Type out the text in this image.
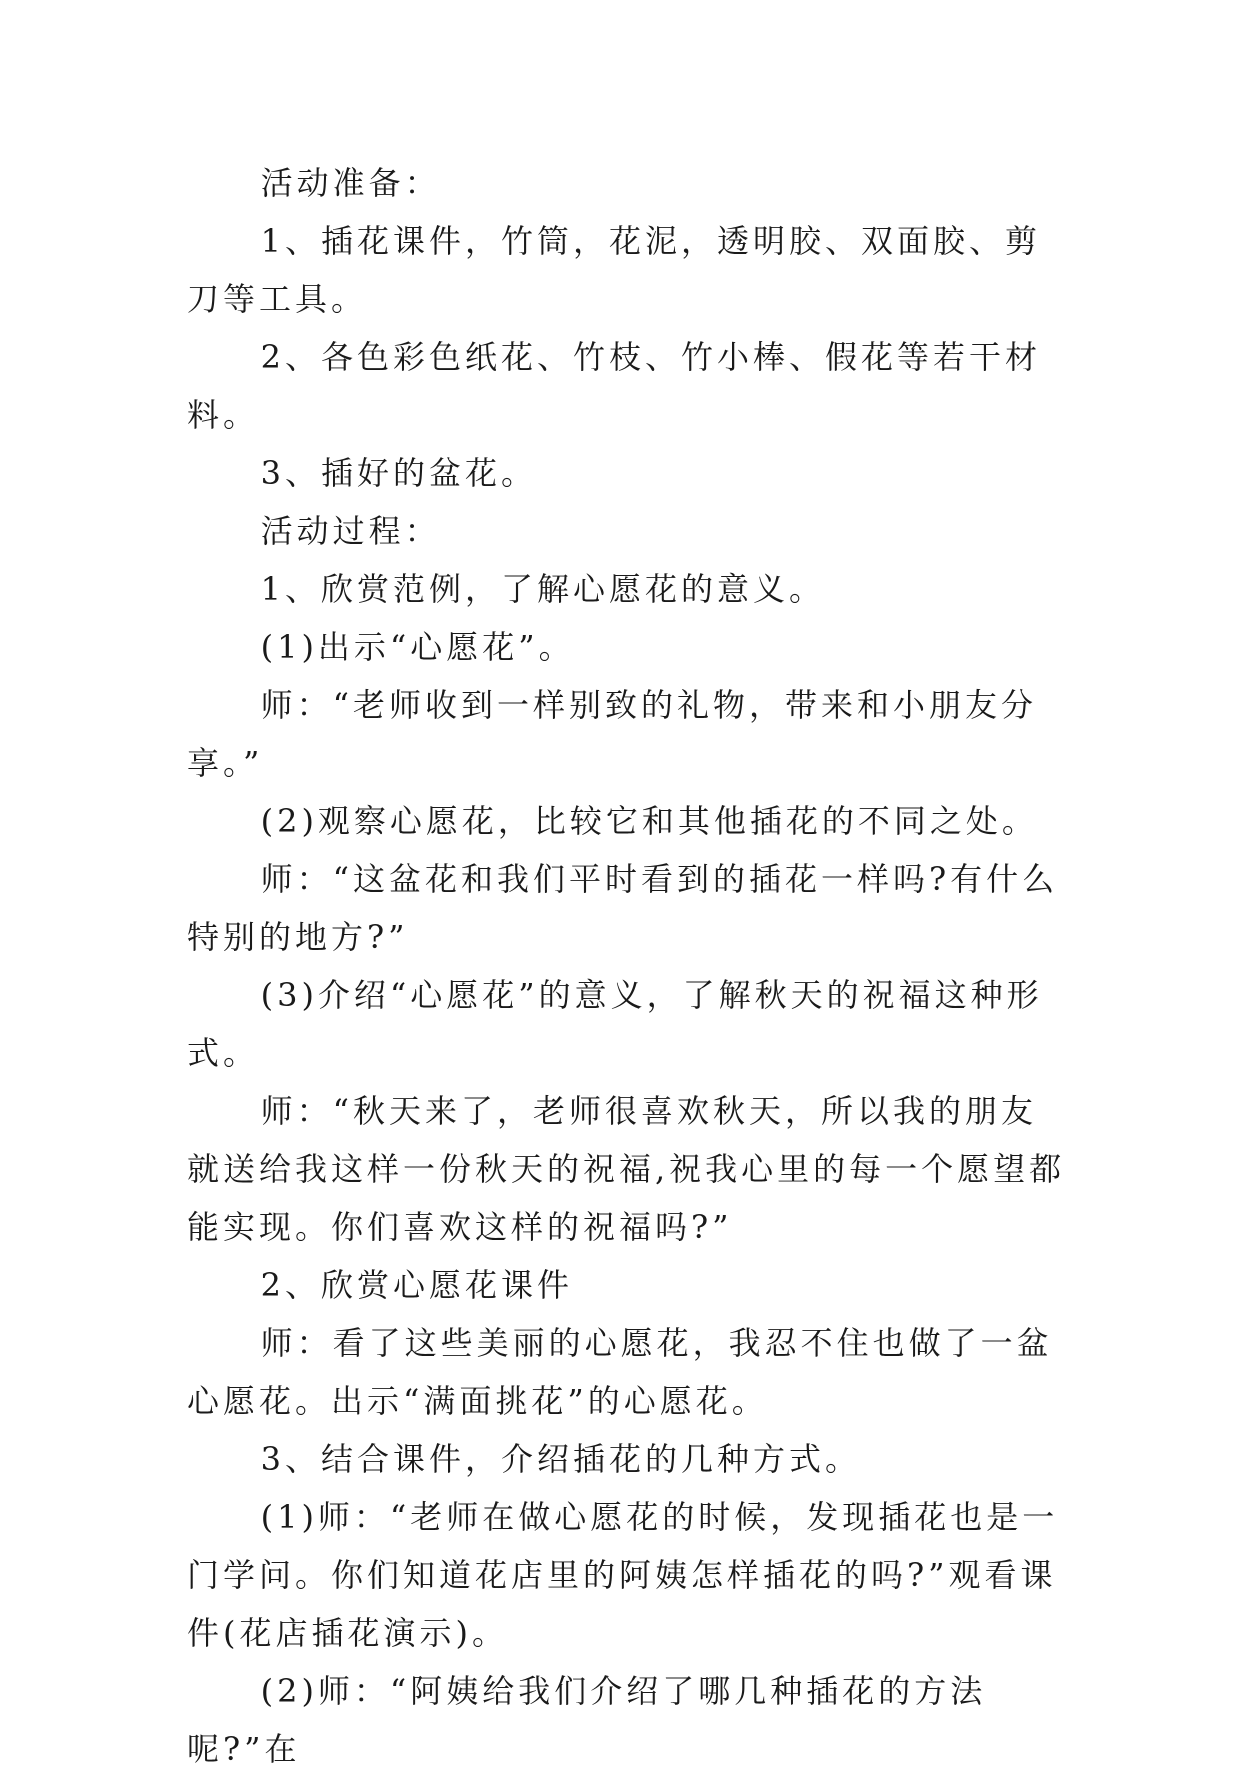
活动准备：

1、插花课件，竹筒，花泥，透明胶、双面胶、剪刀等工具。

2、各色彩色纸花、竹枝、竹小棒、假花等若干材料。

3、插好的盆花。

活动过程：

1、欣赏范例，了解心愿花的意义。

(1)出示“心愿花”。

师：“老师收到一样别致的礼物，带来和小朋友分享。”

(2)观察心愿花，比较它和其他插花的不同之处。

师：“这盆花和我们平时看到的插花一样吗?有什么特别的地方?”

(3)介绍“心愿花”的意义，了解秋天的祝福这种形式。

师：“秋天来了，老师很喜欢秋天，所以我的朋友就送给我这样一份秋天的祝福,祝我心里的每一个愿望都能实现。你们喜欢这样的祝福吗?”

2、欣赏心愿花课件

师：看了这些美丽的心愿花，我忍不住也做了一盆心愿花。出示“满面挑花”的心愿花。

3、结合课件，介绍插花的几种方式。

(1)师：“老师在做心愿花的时候，发现插花也是一门学问。你们知道花店里的阿姨怎样插花的吗?”观看课件(花店插花演示)。

(2)师：“阿姨给我们介绍了哪几种插花的方法呢?”在
